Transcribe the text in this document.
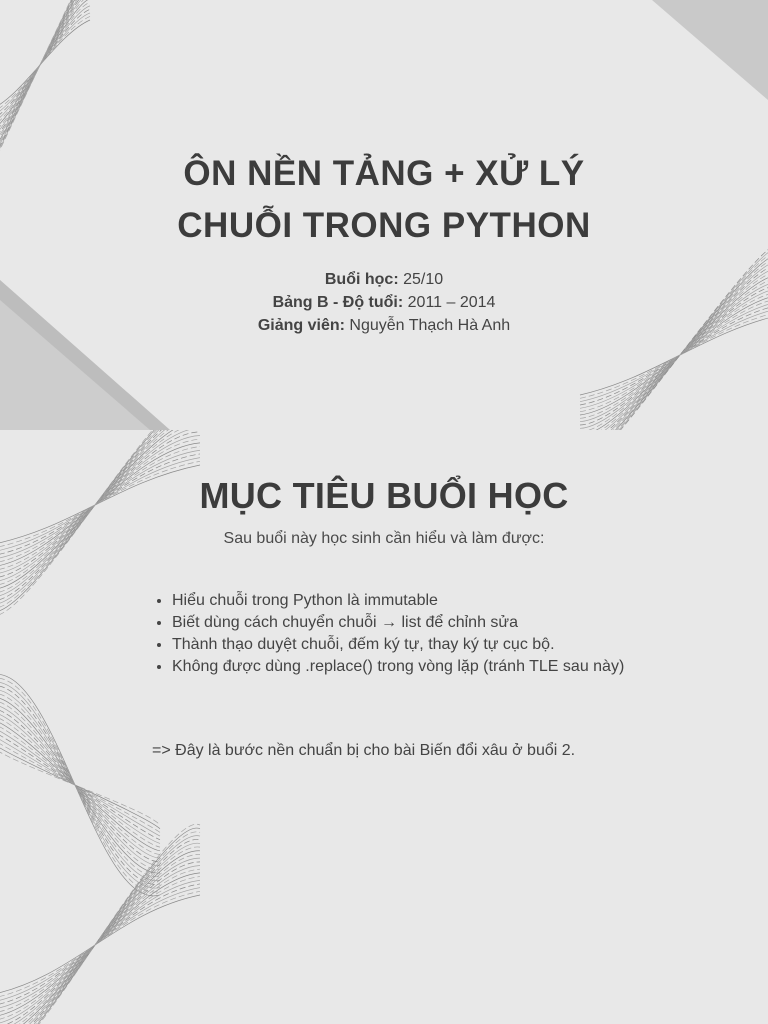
ÔN NỀN TẢNG + XỬ LÝ
CHUỖI TRONG PYTHON
Buổi học: 25/10
Bảng B - Độ tuổi: 2011 – 2014
Giảng viên: Nguyễn Thạch Hà Anh
MỤC TIÊU BUỔI HỌC
Sau buổi này học sinh cần hiểu và làm được:
• Hiểu chuỗi trong Python là immutable
• Biết dùng cách chuyển chuỗi → list để chỉnh sửa
• Thành thạo duyệt chuỗi, đếm ký tự, thay ký tự cục bộ.
• Không được dùng .replace() trong vòng lặp (tránh TLE sau này)
=> Đây là bước nền chuẩn bị cho bài Biến đổi xâu ở buổi 2.
